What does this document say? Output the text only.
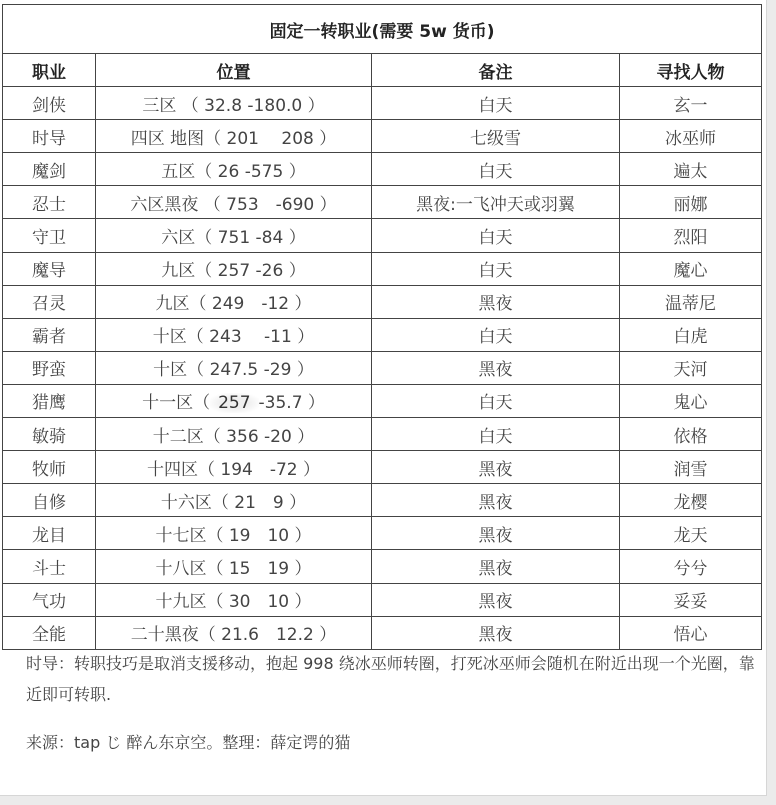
固定一转职业(需要 5w 货币)			
职业	位置	备注	寻找人物
剑侠	三区 （ 32.8 -180.0 ）	白天	玄一
时导	四区 地图（ 201　 208 ）	七级雪	冰巫师
魔剑	五区（ 26 -575 ）	白天	遍太
忍士	六区黑夜 （ 753　-690 ）	黑夜:一飞冲天或羽翼	丽娜
守卫	六区（ 751 -84 ）	白天	烈阳
魔导	九区（ 257 -26 ）	白天	魔心
召灵	九区（ 249　-12 ）	黑夜	温蒂尼
霸者	十区（ 243　 -11 ）	白天	白虎
野蛮	十区（ 247.5 -29 ）	黑夜	天河
猎鹰	十一区（ 257 -35.7 ）	白天	鬼心
敏骑	十二区（ 356 -20 ）	白天	依格
牧师	十四区（ 194　-72 ）	黑夜	润雪
自修	十六区（ 21　9 ）	黑夜	龙樱
龙目	十七区（ 19　10 ）	黑夜	龙天
斗士	十八区（ 15　19 ）	黑夜	兮兮
气功	十九区（ 30　10 ）	黑夜	妥妥
全能	二十黑夜（ 21.6　12.2 ）	黑夜	悟心

时导：转职技巧是取消支援移动，抱起 998 绕冰巫师转圈，打死冰巫师会随机在附近出现一个光圈，靠近即可转职.

来源：tap じ 醉ん东京空。整理：薛定谔的猫
